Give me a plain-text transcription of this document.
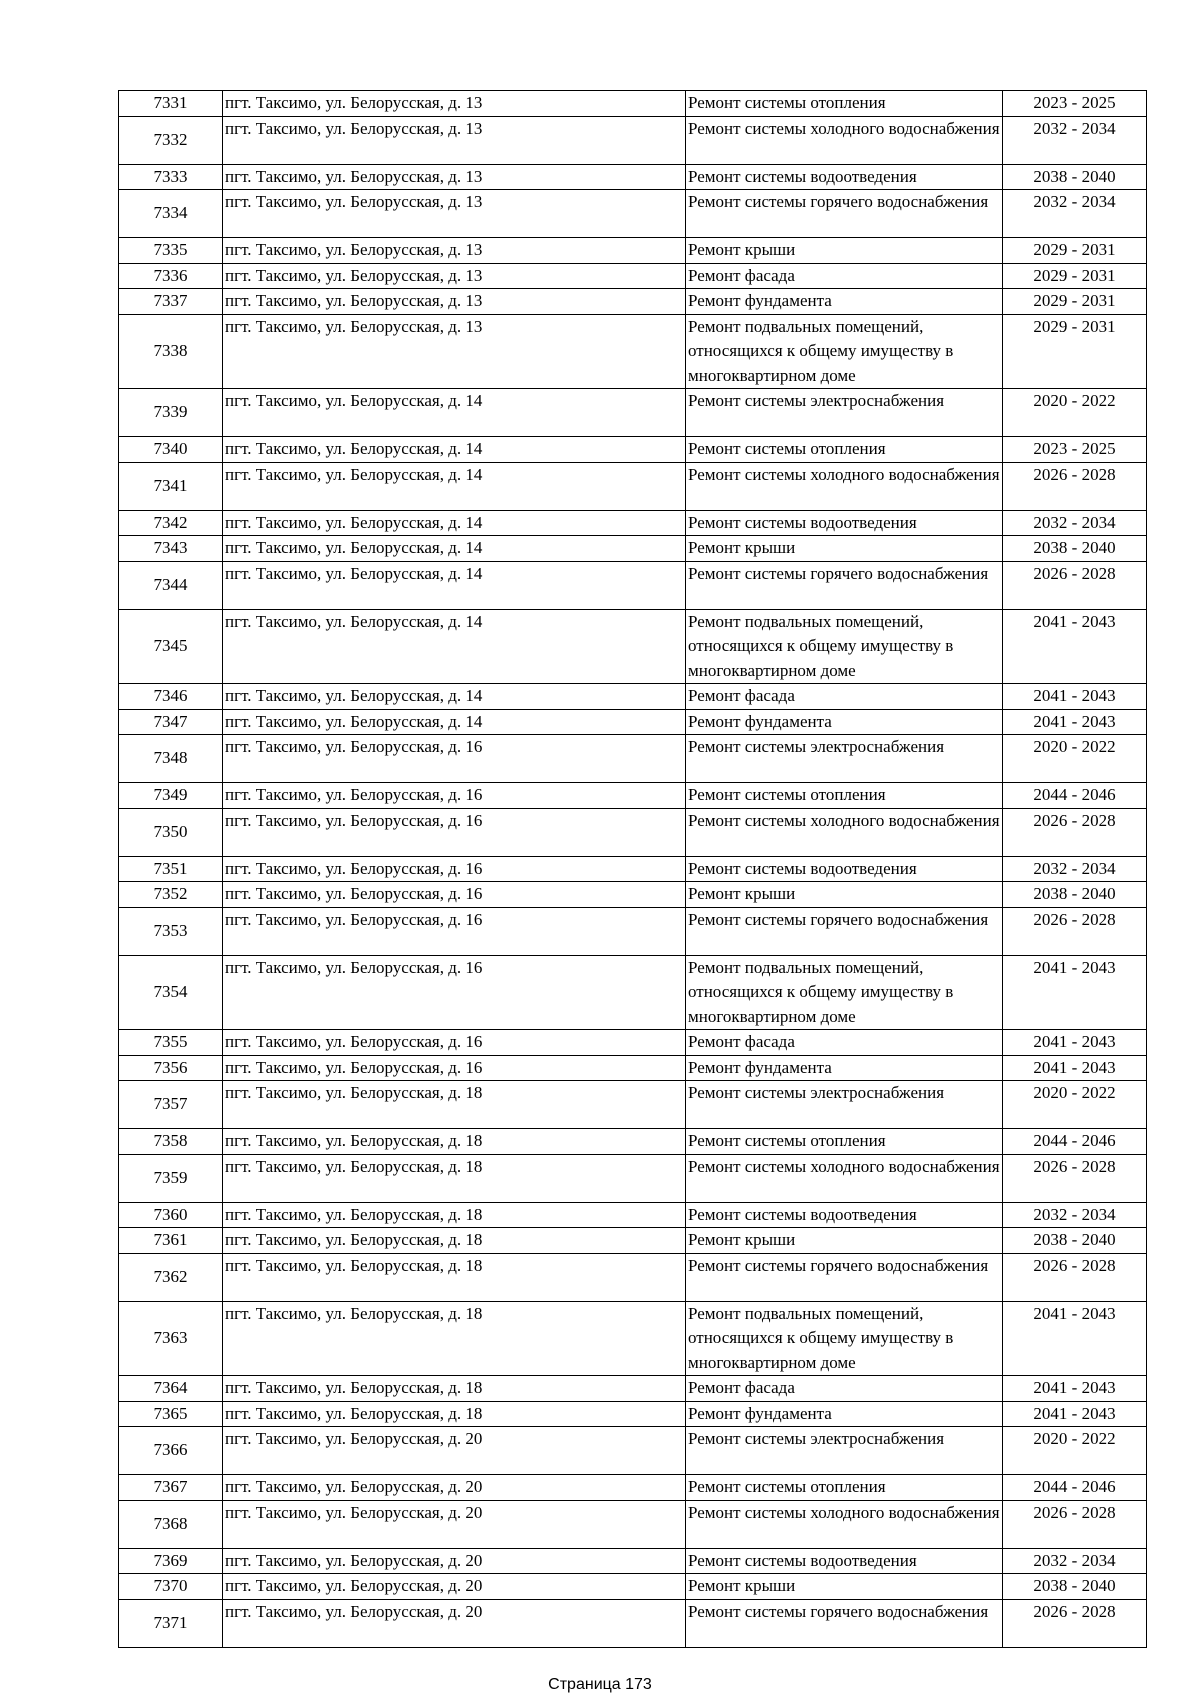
7331	пгт. Таксимо, ул. Белорусская, д. 13	Ремонт системы отопления	2023 - 2025
7332	пгт. Таксимо, ул. Белорусская, д. 13	Ремонт системы холодного водоснабжения	2032 - 2034
7333	пгт. Таксимо, ул. Белорусская, д. 13	Ремонт системы водоотведения	2038 - 2040
7334	пгт. Таксимо, ул. Белорусская, д. 13	Ремонт системы горячего водоснабжения	2032 - 2034
7335	пгт. Таксимо, ул. Белорусская, д. 13	Ремонт крыши	2029 - 2031
7336	пгт. Таксимо, ул. Белорусская, д. 13	Ремонт фасада	2029 - 2031
7337	пгт. Таксимо, ул. Белорусская, д. 13	Ремонт фундамента	2029 - 2031
7338	пгт. Таксимо, ул. Белорусская, д. 13	Ремонт подвальных помещений, относящихся к общему имуществу в многоквартирном доме	2029 - 2031
7339	пгт. Таксимо, ул. Белорусская, д. 14	Ремонт системы электроснабжения	2020 - 2022
7340	пгт. Таксимо, ул. Белорусская, д. 14	Ремонт системы отопления	2023 - 2025
7341	пгт. Таксимо, ул. Белорусская, д. 14	Ремонт системы холодного водоснабжения	2026 - 2028
7342	пгт. Таксимо, ул. Белорусская, д. 14	Ремонт системы водоотведения	2032 - 2034
7343	пгт. Таксимо, ул. Белорусская, д. 14	Ремонт крыши	2038 - 2040
7344	пгт. Таксимо, ул. Белорусская, д. 14	Ремонт системы горячего водоснабжения	2026 - 2028
7345	пгт. Таксимо, ул. Белорусская, д. 14	Ремонт подвальных помещений, относящихся к общему имуществу в многоквартирном доме	2041 - 2043
7346	пгт. Таксимо, ул. Белорусская, д. 14	Ремонт фасада	2041 - 2043
7347	пгт. Таксимо, ул. Белорусская, д. 14	Ремонт фундамента	2041 - 2043
7348	пгт. Таксимо, ул. Белорусская, д. 16	Ремонт системы электроснабжения	2020 - 2022
7349	пгт. Таксимо, ул. Белорусская, д. 16	Ремонт системы отопления	2044 - 2046
7350	пгт. Таксимо, ул. Белорусская, д. 16	Ремонт системы холодного водоснабжения	2026 - 2028
7351	пгт. Таксимо, ул. Белорусская, д. 16	Ремонт системы водоотведения	2032 - 2034
7352	пгт. Таксимо, ул. Белорусская, д. 16	Ремонт крыши	2038 - 2040
7353	пгт. Таксимо, ул. Белорусская, д. 16	Ремонт системы горячего водоснабжения	2026 - 2028
7354	пгт. Таксимо, ул. Белорусская, д. 16	Ремонт подвальных помещений, относящихся к общему имуществу в многоквартирном доме	2041 - 2043
7355	пгт. Таксимо, ул. Белорусская, д. 16	Ремонт фасада	2041 - 2043
7356	пгт. Таксимо, ул. Белорусская, д. 16	Ремонт фундамента	2041 - 2043
7357	пгт. Таксимо, ул. Белорусская, д. 18	Ремонт системы электроснабжения	2020 - 2022
7358	пгт. Таксимо, ул. Белорусская, д. 18	Ремонт системы отопления	2044 - 2046
7359	пгт. Таксимо, ул. Белорусская, д. 18	Ремонт системы холодного водоснабжения	2026 - 2028
7360	пгт. Таксимо, ул. Белорусская, д. 18	Ремонт системы водоотведения	2032 - 2034
7361	пгт. Таксимо, ул. Белорусская, д. 18	Ремонт крыши	2038 - 2040
7362	пгт. Таксимо, ул. Белорусская, д. 18	Ремонт системы горячего водоснабжения	2026 - 2028
7363	пгт. Таксимо, ул. Белорусская, д. 18	Ремонт подвальных помещений, относящихся к общему имуществу в многоквартирном доме	2041 - 2043
7364	пгт. Таксимо, ул. Белорусская, д. 18	Ремонт фасада	2041 - 2043
7365	пгт. Таксимо, ул. Белорусская, д. 18	Ремонт фундамента	2041 - 2043
7366	пгт. Таксимо, ул. Белорусская, д. 20	Ремонт системы электроснабжения	2020 - 2022
7367	пгт. Таксимо, ул. Белорусская, д. 20	Ремонт системы отопления	2044 - 2046
7368	пгт. Таксимо, ул. Белорусская, д. 20	Ремонт системы холодного водоснабжения	2026 - 2028
7369	пгт. Таксимо, ул. Белорусская, д. 20	Ремонт системы водоотведения	2032 - 2034
7370	пгт. Таксимо, ул. Белорусская, д. 20	Ремонт крыши	2038 - 2040
7371	пгт. Таксимо, ул. Белорусская, д. 20	Ремонт системы горячего водоснабжения	2026 - 2028
Страница 173
